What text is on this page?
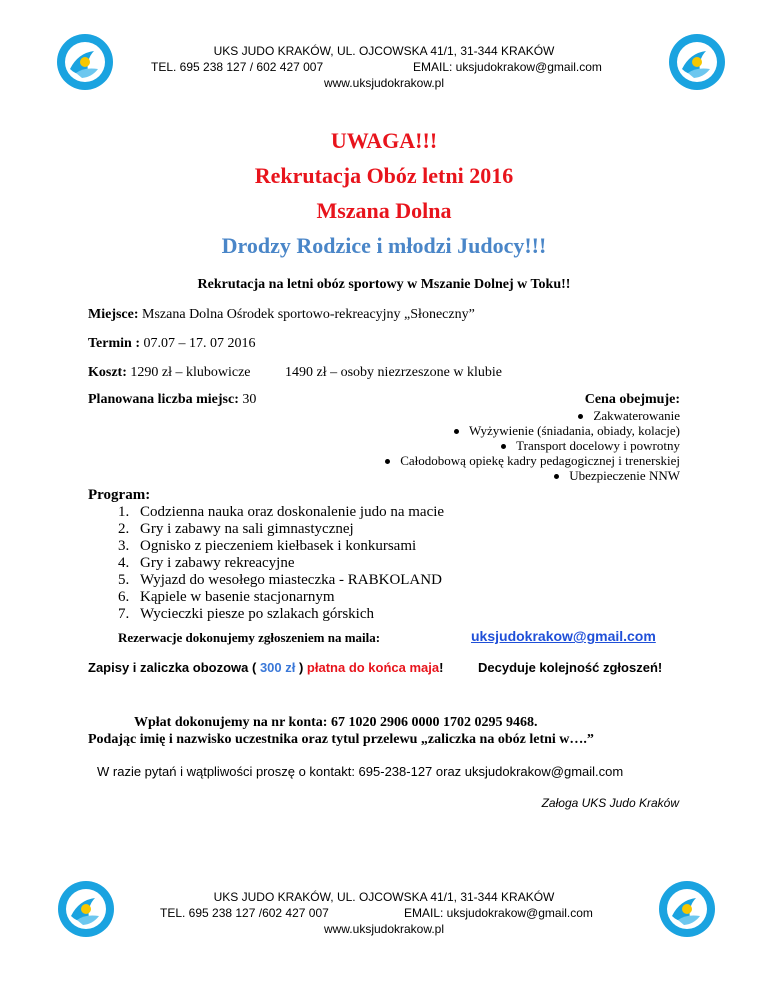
UKS JUDO KRAKÓW, UL. OJCOWSKA 41/1, 31-344 KRAKÓW
TEL. 695 238 127 / 602 427 007	EMAIL: uksjudokrakow@gmail.com
www.uksjudokrakow.pl
UWAGA!!!
Rekrutacja Obóz letni 2016
Mszana Dolna
Drodzy Rodzice i młodzi Judocy!!!
Rekrutacja na letni obóz sportowy w Mszanie Dolnej w Toku!!
Miejsce: Mszana Dolna Ośrodek sportowo-rekreacyjny „Słoneczny”
Termin : 07.07 – 17. 07 2016
Koszt: 1290 zł – klubowicze 1490 zł – osoby niezrzeszone w klubie
Planowana liczba miejsc: 30	Cena obejmuje:
Zakwaterowanie
Wyżywienie (śniadania, obiady, kolacje)
Transport docelowy i powrotny
Całodobową opiekę kadry pedagogicznej i trenerskiej
Ubezpieczenie NNW
Program:
1. Codzienna nauka oraz doskonalenie judo na macie
2. Gry i zabawy na sali gimnastycznej
3. Ognisko z pieczeniem kiełbasek i konkursami
4. Gry i zabawy rekreacyjne
5. Wyjazd do wesołego miasteczka - RABKOLAND
6. Kąpiele w basenie stacjonarnym
7. Wycieczki piesze po szlakach górskich
Rezerwacje dokonujemy zgłoszeniem na maila:	uksjudokrakow@gmail.com
Zapisy i zaliczka obozowa ( 300 zł ) płatna do końca maja!	Decyduje kolejność zgłoszeń!
Wpłat dokonujemy na nr konta: 67 1020 2906 0000 1702 0295 9468.
Podając imię i nazwisko uczestnika oraz tytul przelewu „zaliczka na obóz letni w….”
W razie pytań i wątpliwości proszę o kontakt: 695-238-127 oraz uksjudokrakow@gmail.com
Załoga UKS Judo Kraków
UKS JUDO KRAKÓW, UL. OJCOWSKA 41/1, 31-344 KRAKÓW
TEL. 695 238 127 /602 427 007	EMAIL: uksjudokrakow@gmail.com
www.uksjudokrakow.pl
